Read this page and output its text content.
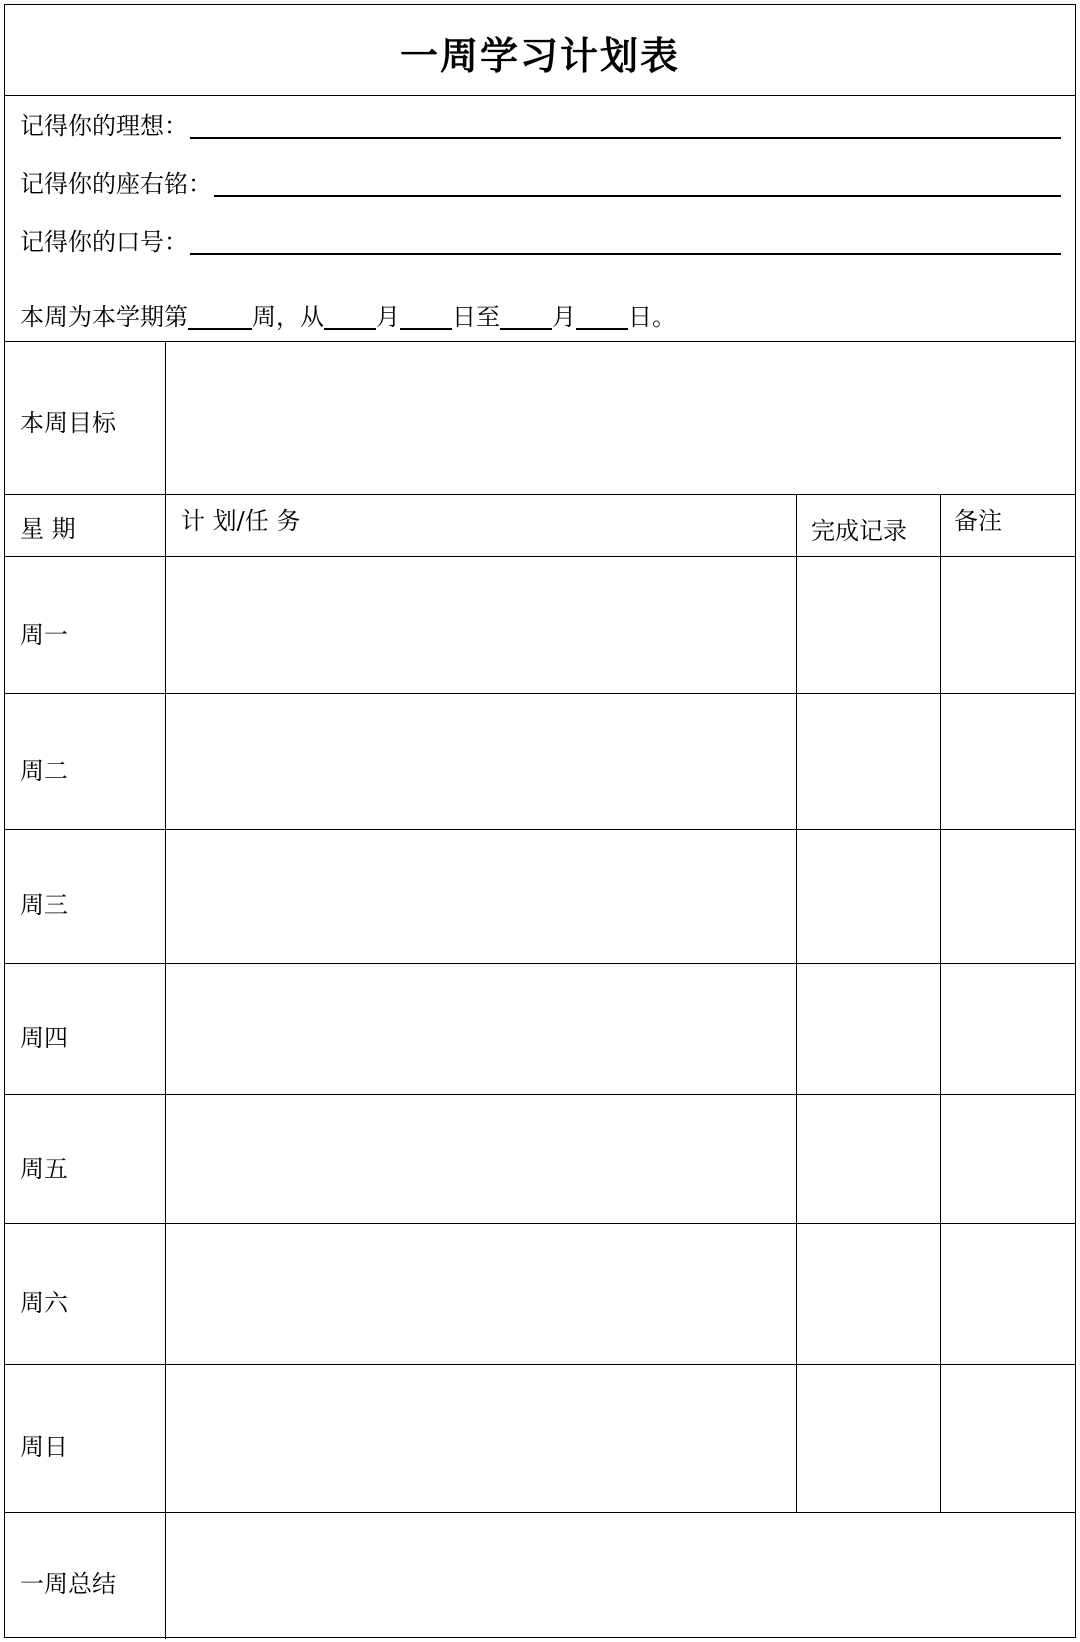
一周学习计划表
记得你的理想：
记得你的座右铭：
记得你的口号：
本周为本学期第	周，从 月 日至 月 日。
本周目标
星 期	计 划/任 务	完成记录 备注
周一
周二
周三
周四
周五
周六
周日
一周总结
